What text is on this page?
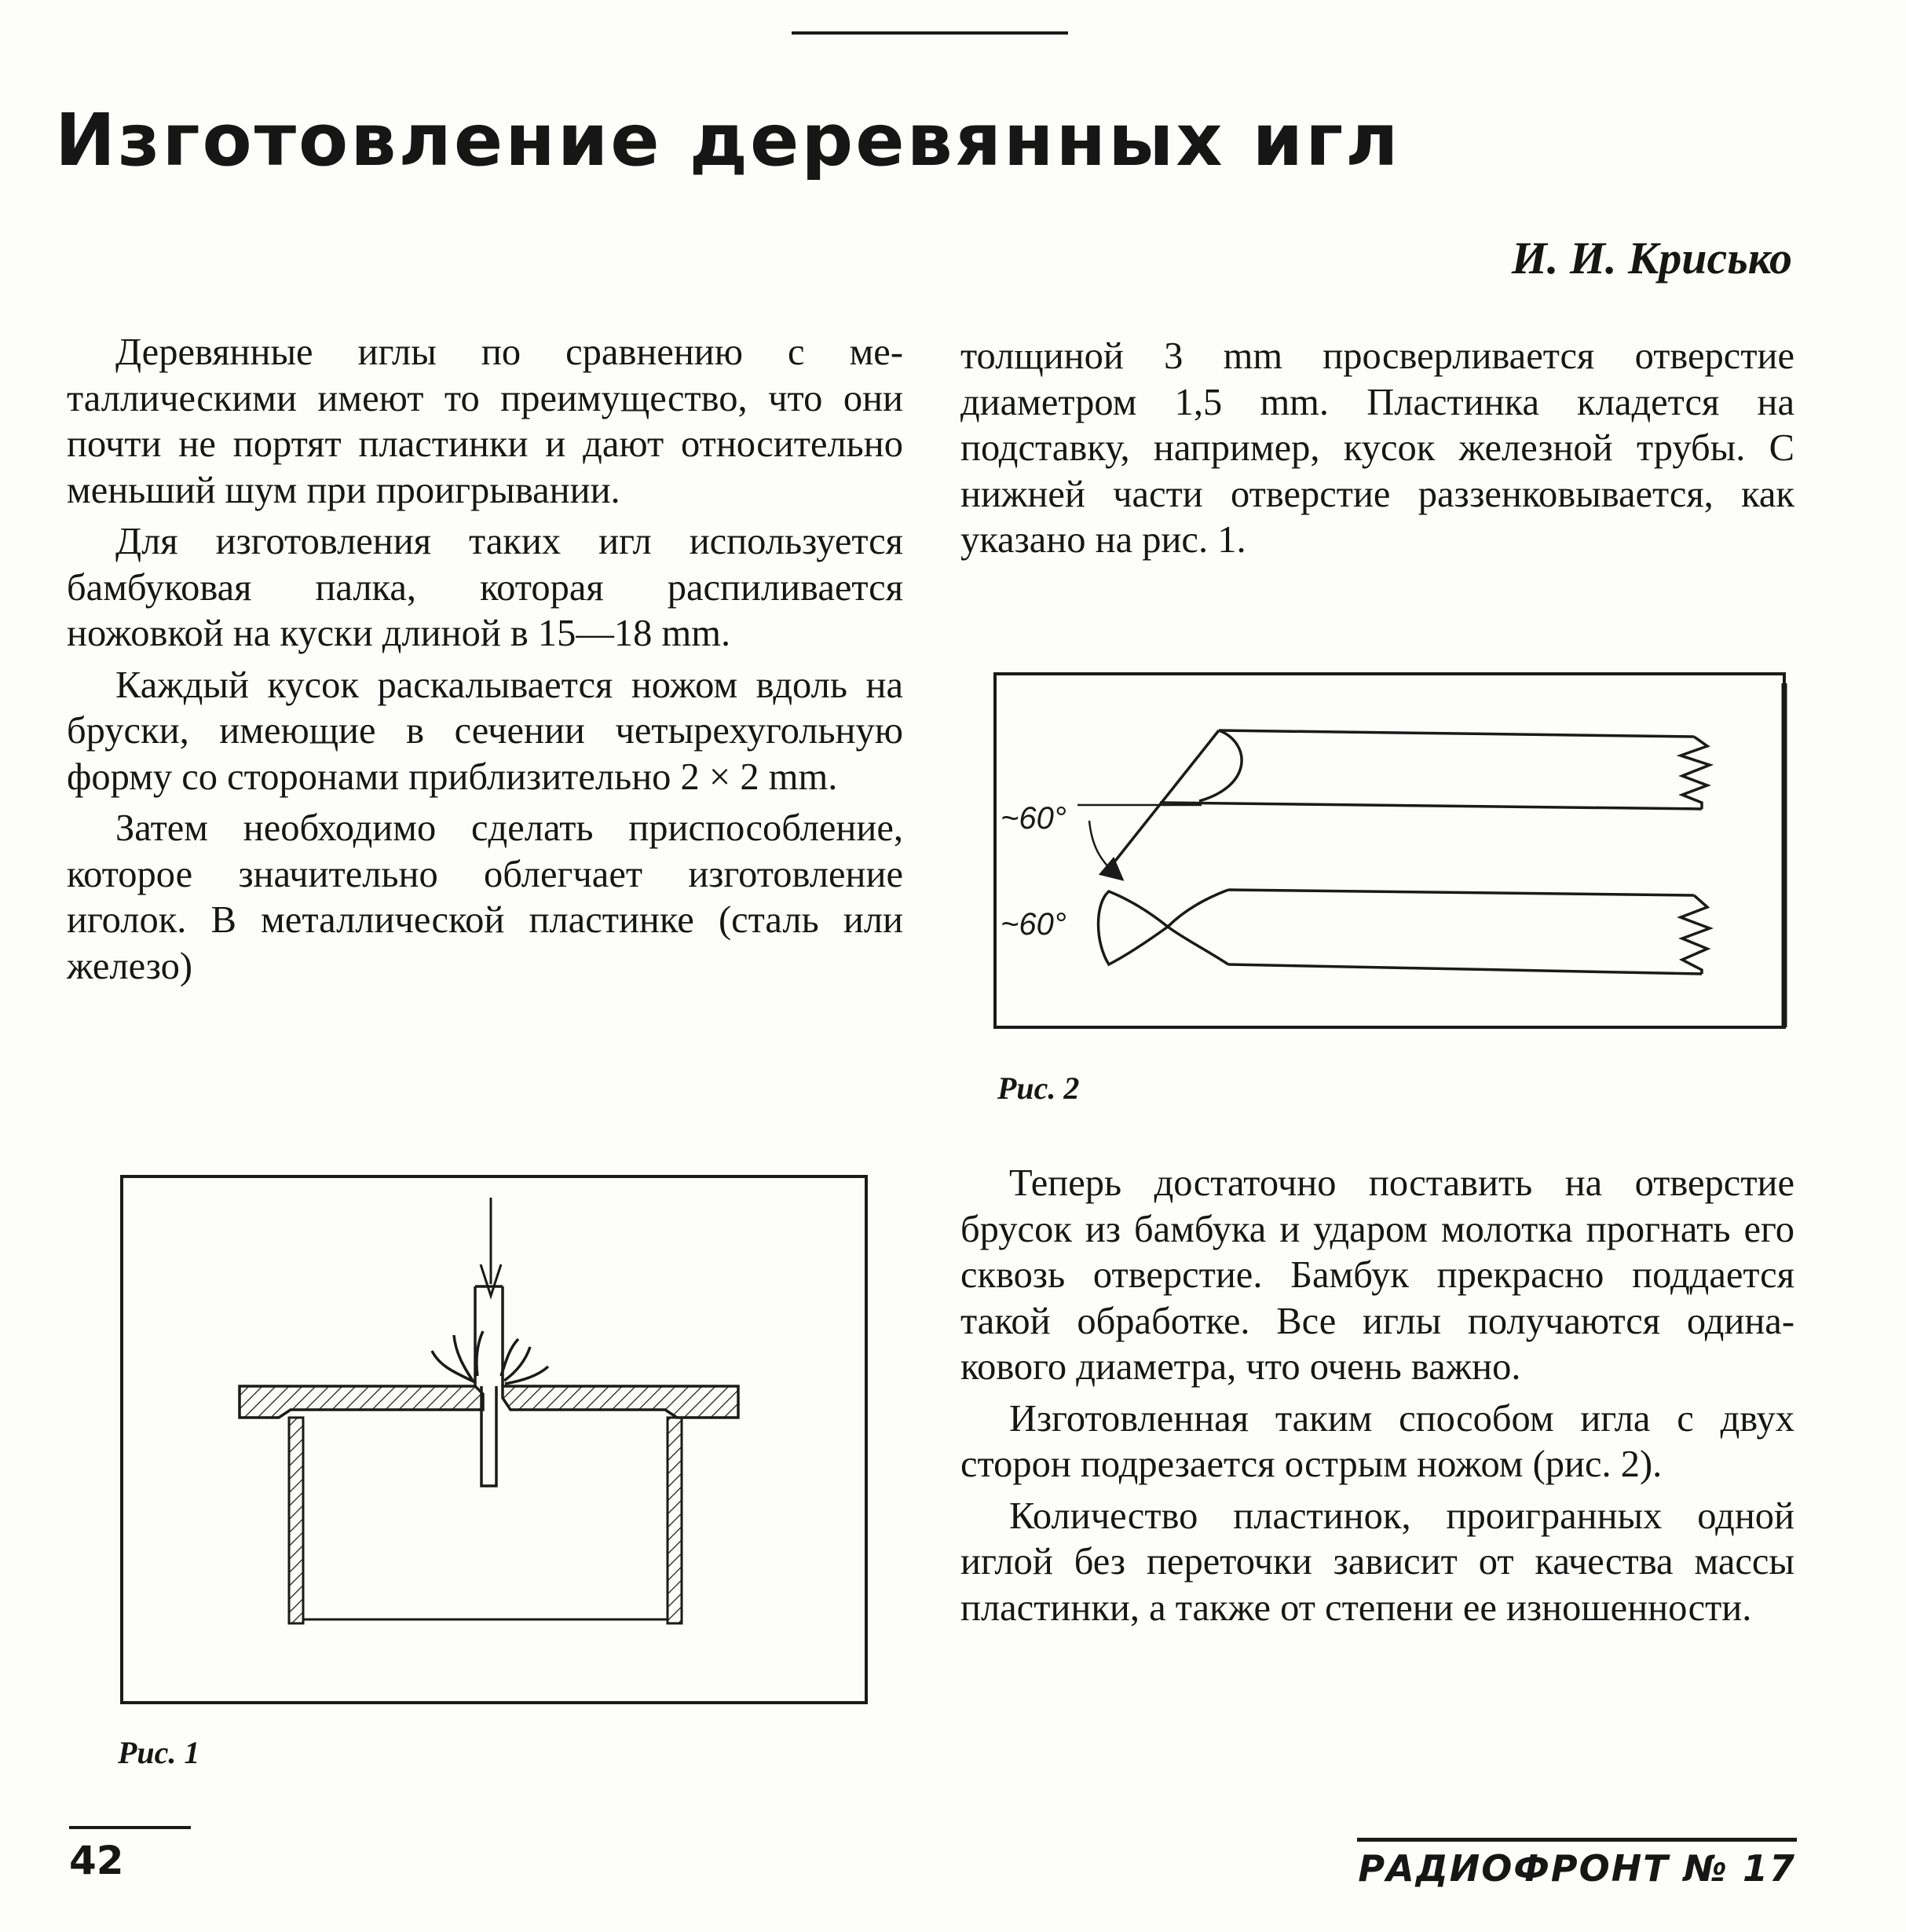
Изготовление деревянных игл
И. И. Крисько

Деревянные иглы по сравнению с металлическими имеют то преимущество, что они почти не портят пластинки и дают относительно меньший шум при проигрывании.

Для изготовления таких игл используется бамбуковая палка, которая распиливается ножовкой на куски длиной в 15—18 mm.

Каждый кусок раскалывается ножом вдоль на бруски, имеющие в сечении четырехугольную форму со сторонами приблизительно 2 × 2 mm.

Затем необходимо сделать приспособление, которое значительно облегчает изготовление иголок. В металлической пластинке (сталь или железо)

толщиной 3 mm просверливается отверстие диаметром 1,5 mm. Пластинка кладется на подставку, например, кусок железной трубы. С нижней части отверстие раззенковывается, как указано на рис. 1.

~60°
~60°
Рис. 2

Теперь достаточно поставить на отверстие брусок из бамбука и ударом молотка прогнать его сквозь отверстие. Бамбук прекрасно поддается такой обработке. Все иглы получаются одинакового диаметра, что очень важно.

Изготовленная таким способом игла с двух сторон подрезается острым ножом (рис. 2).

Количество пластинок, проигранных одной иглой без переточки зависит от качества массы пластинки, а также от степени ее изношенности.

Рис. 1
42	РАДИОФРОНТ № 17
